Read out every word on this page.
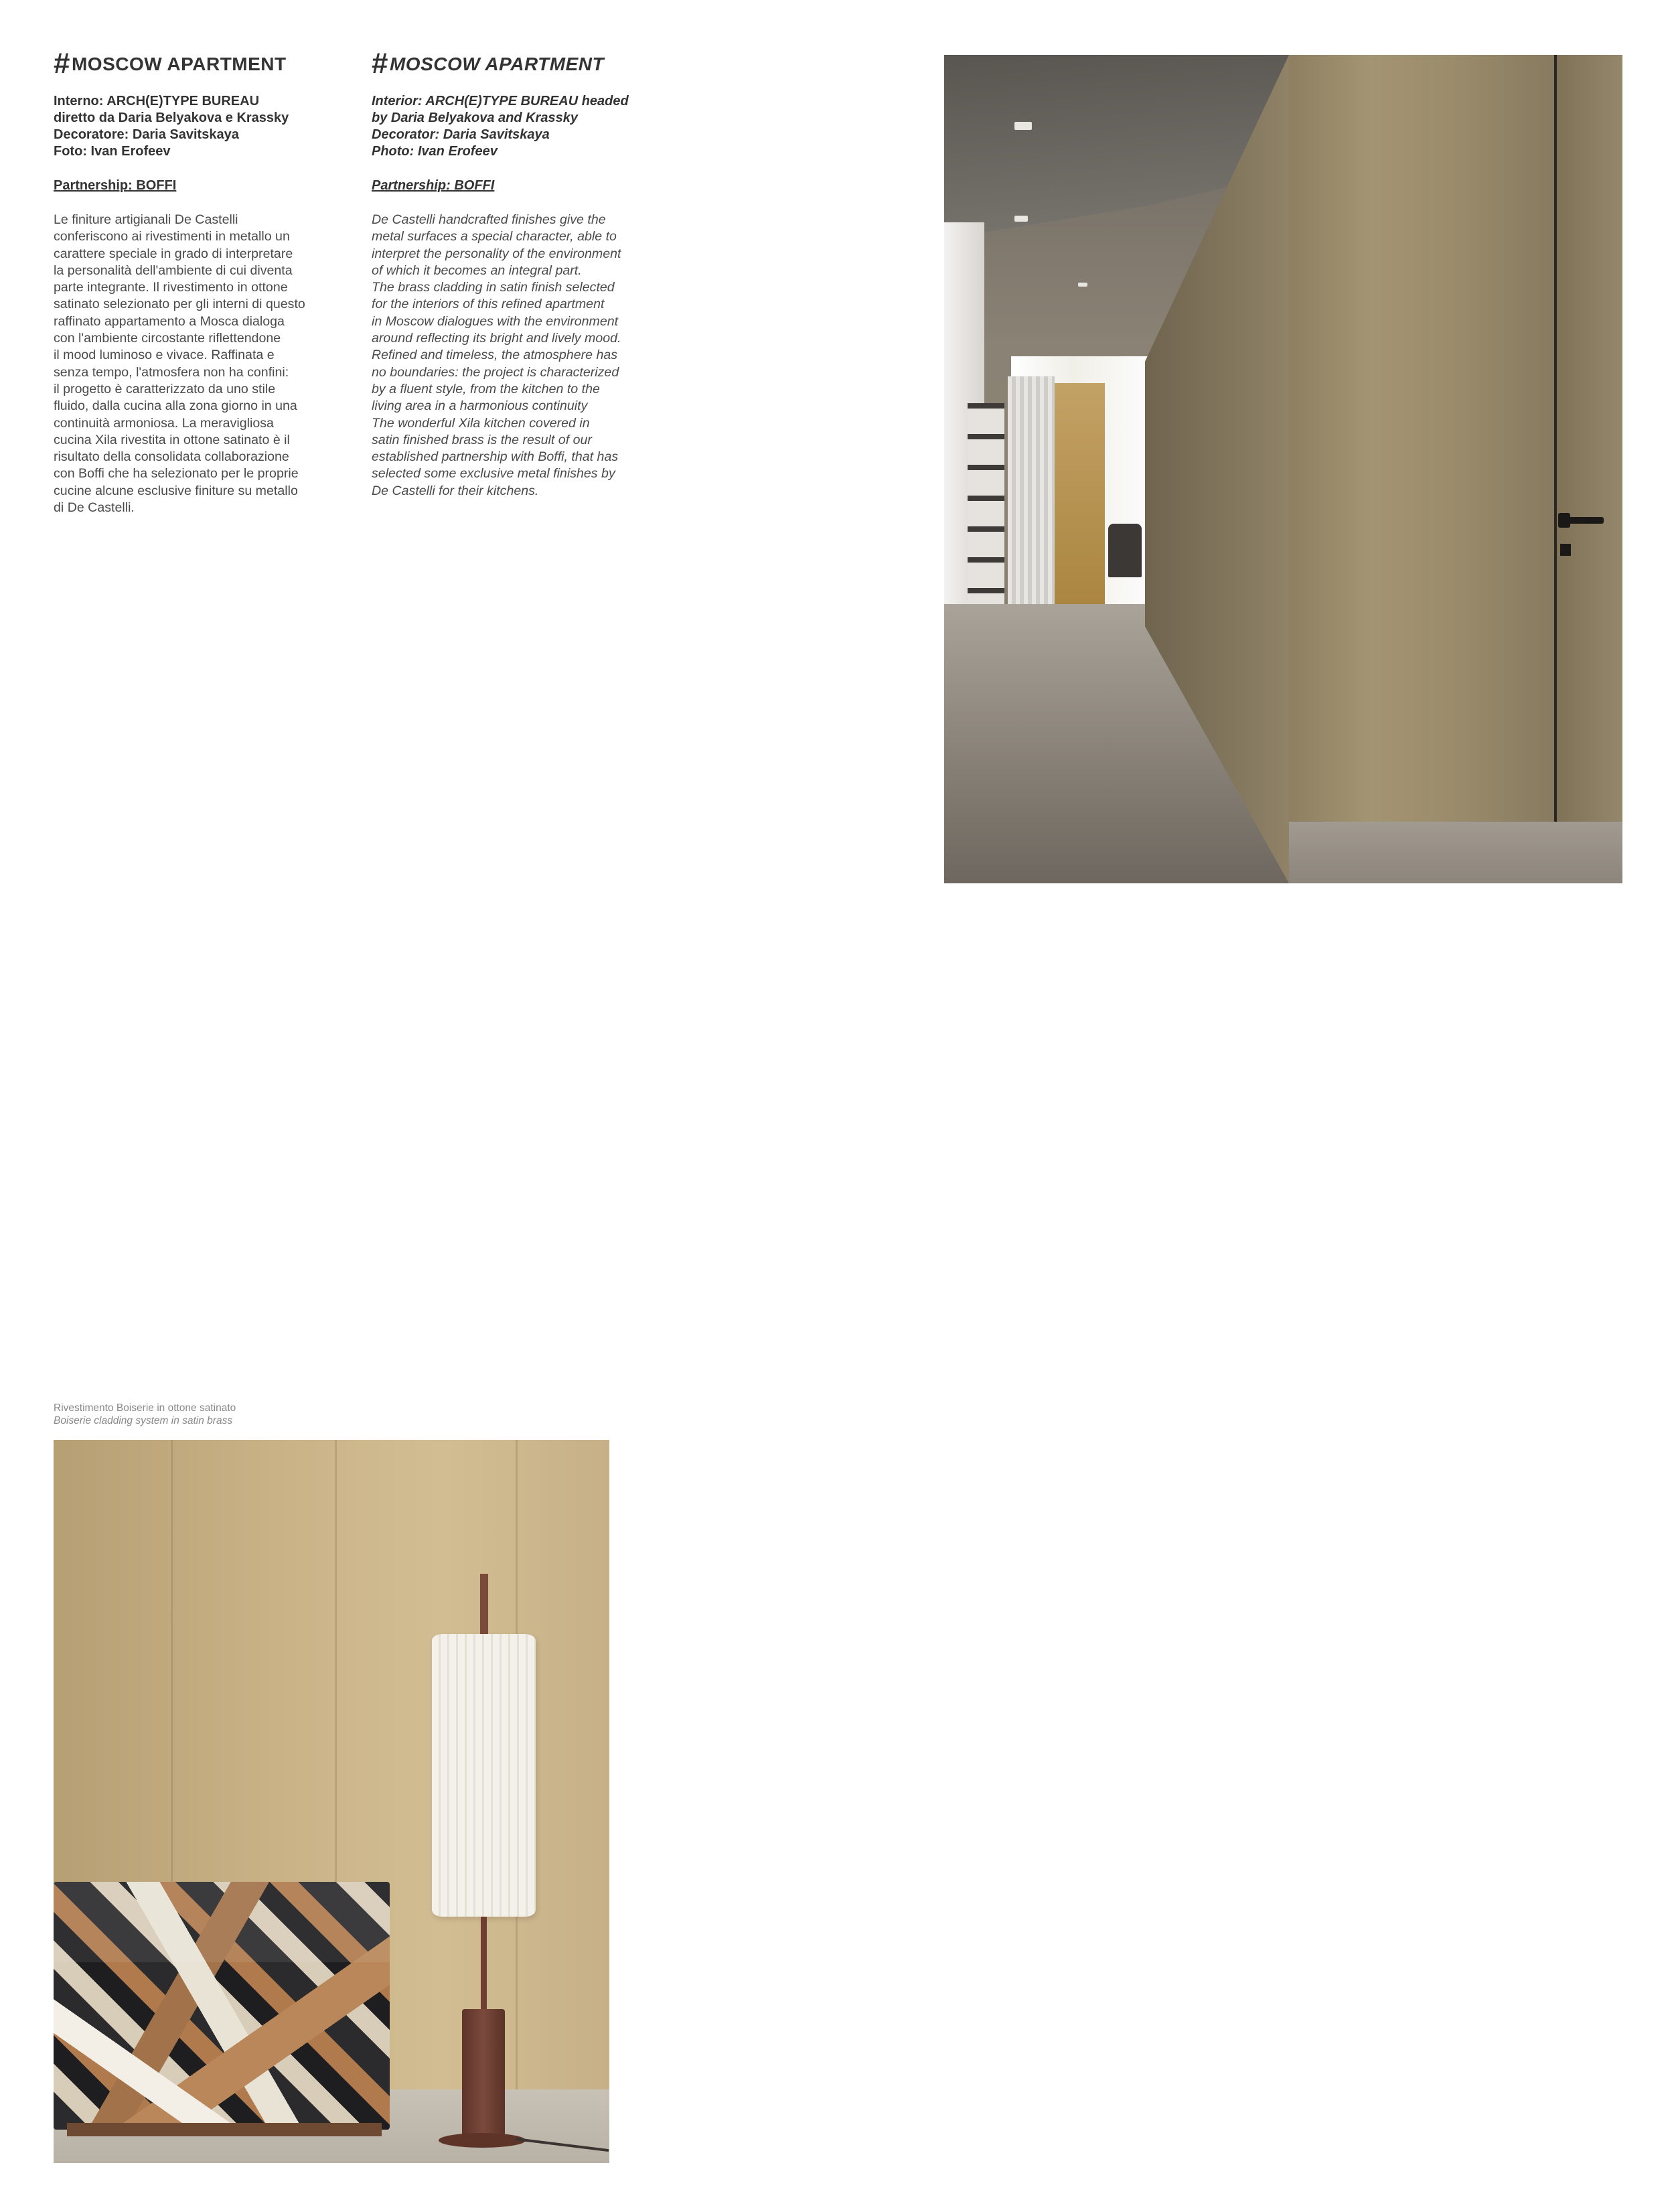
#MOSCOW APARTMENT
Interno: ARCH(E)TYPE BUREAU
diretto da Daria Belyakova e Krassky
Decoratore: Daria Savitskaya
Foto: Ivan Erofeev
Partnership: BOFFI
Le finiture artigianali De Castelli
conferiscono ai rivestimenti in metallo un
carattere speciale in grado di interpretare
la personalità dell'ambiente di cui diventa
parte integrante. Il rivestimento in ottone
satinato selezionato per gli interni di questo
raffinato appartamento a Mosca dialoga
con l'ambiente circostante riflettendone
il mood luminoso e vivace. Raffinata e
senza tempo, l'atmosfera non ha confini:
il progetto è caratterizzato da uno stile
fluido, dalla cucina alla zona giorno in una
continuità armoniosa. La meravigliosa
cucina Xila rivestita in ottone satinato è il
risultato della consolidata collaborazione
con Boffi che ha selezionato per le proprie
cucine alcune esclusive finiture su metallo
di De Castelli.
#MOSCOW APARTMENT
Interior: ARCH(E)TYPE BUREAU headed
by Daria Belyakova and Krassky
Decorator: Daria Savitskaya
Photo: Ivan Erofeev
Partnership: BOFFI
De Castelli handcrafted finishes give the
metal surfaces a special character, able to
interpret the personality of the environment
of which it becomes an integral part.
The brass cladding in satin finish selected
for the interiors of this refined apartment
in Moscow dialogues with the environment
around reflecting its bright and lively mood.
Refined and timeless, the atmosphere has
no boundaries: the project is characterized
by a fluent style, from the kitchen to the
living area in a harmonious continuity
The wonderful Xila kitchen covered in
satin finished brass is the result of our
established partnership with Boffi, that has
selected some exclusive metal finishes by
De Castelli for their kitchens.
Rivestimento Boiserie in ottone satinato
Boiserie cladding system in satin brass
